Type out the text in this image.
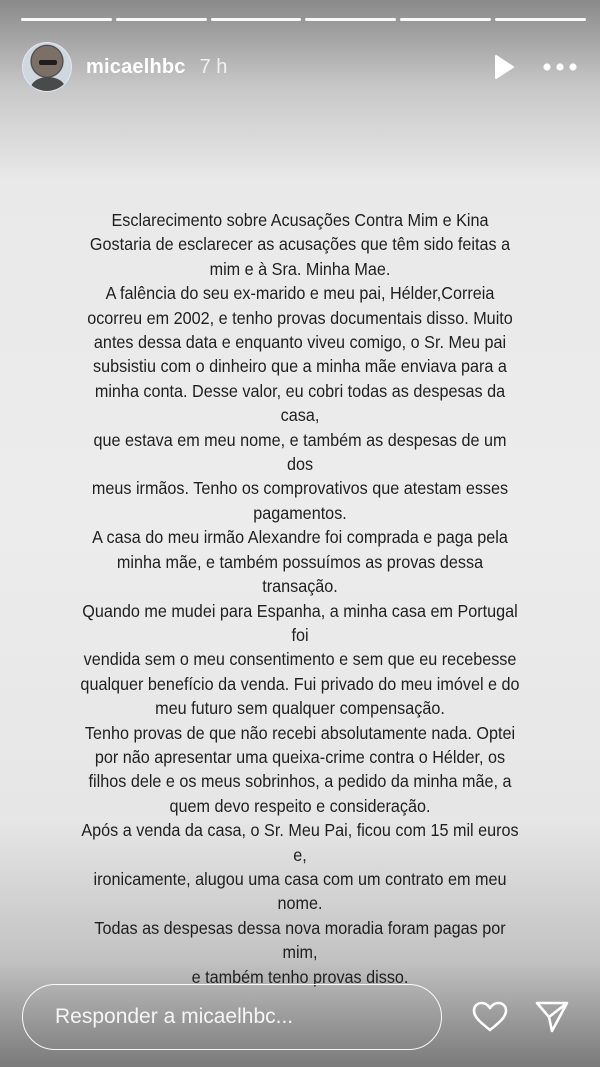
micaelhbc 7 h

Esclarecimento sobre Acusações Contra Mim e Kina

Gostaria de esclarecer as acusações que têm sido feitas a

mim e à Sra. Minha Mae.

A falência do seu ex-marido e meu pai, Hélder,Correia

ocorreu em 2002, e tenho provas documentais disso. Muito

antes dessa data e enquanto viveu comigo, o Sr. Meu pai

subsistiu com o dinheiro que a minha mãe enviava para a

minha conta. Desse valor, eu cobri todas as despesas da casa,

que estava em meu nome, e também as despesas de um dos

meus irmãos. Tenho os comprovativos que atestam esses

pagamentos.

A casa do meu irmão Alexandre foi comprada e paga pela

minha mãe, e também possuímos as provas dessa transação.

Quando me mudei para Espanha, a minha casa em Portugal foi

vendida sem o meu consentimento e sem que eu recebesse

qualquer benefício da venda. Fui privado do meu imóvel e do

meu futuro sem qualquer compensação.

Tenho provas de que não recebi absolutamente nada. Optei

por não apresentar uma queixa-crime contra o Hélder, os

filhos dele e os meus sobrinhos, a pedido da minha mãe, a

quem devo respeito e consideração.

Após a venda da casa, o Sr. Meu Pai, ficou com 15 mil euros e,

ironicamente, alugou uma casa com um contrato em meu

nome.

Todas as despesas dessa nova moradia foram pagas por mim,

e também tenho provas disso.

Responder a micaelhbc...
